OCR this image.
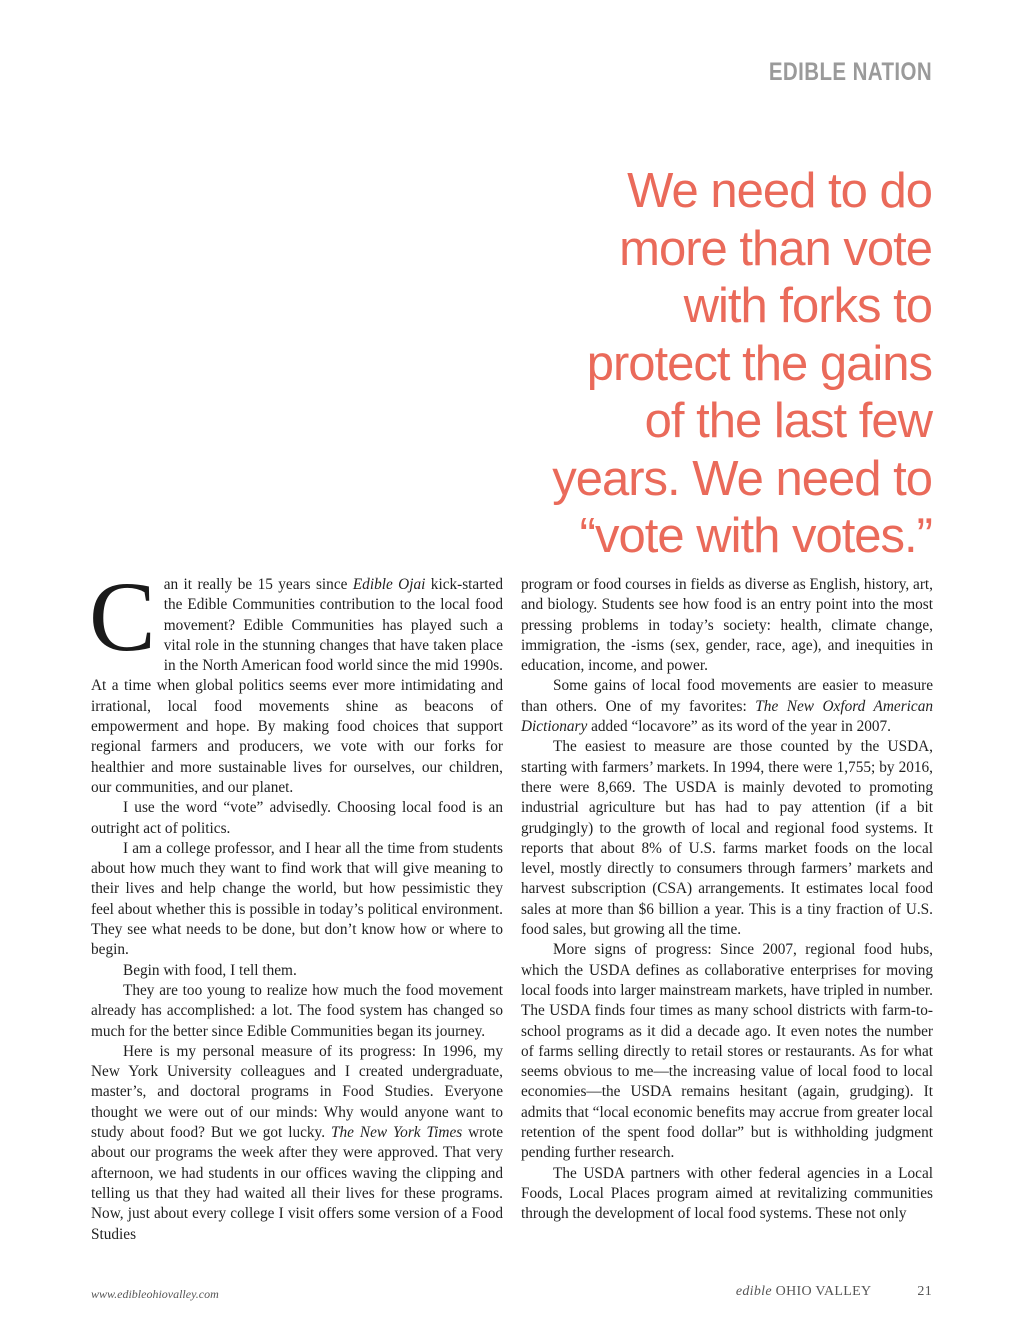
EDIBLE NATION
We need to do
more than vote
with forks to
protect the gains
of the last few
years. We need to
“vote with votes.”

Can it really be 15 years since Edible Ojai kick-started the Edible Communities contribution to the local food movement? Edible Communities has played such a vital role in the stunning changes that have taken place in the North American food world since the mid 1990s. At a time when global politics seems ever more intimidating and irrational, local food movements shine as beacons of empowerment and hope. By making food choices that support regional farmers and producers, we vote with our forks for healthier and more sustainable lives for ourselves, our children, our communities, and our planet.

I use the word “vote” advisedly. Choosing local food is an outright act of politics.

I am a college professor, and I hear all the time from students about how much they want to find work that will give meaning to their lives and help change the world, but how pessimistic they feel about whether this is possible in today’s political environment. They see what needs to be done, but don’t know how or where to begin.

Begin with food, I tell them.

They are too young to realize how much the food movement already has accomplished: a lot. The food system has changed so much for the better since Edible Communities began its journey.

Here is my personal measure of its progress: In 1996, my New York University colleagues and I created undergraduate, master’s, and doctoral programs in Food Studies. Everyone thought we were out of our minds: Why would anyone want to study about food? But we got lucky. The New York Times wrote about our programs the week after they were approved. That very afternoon, we had students in our offices waving the clipping and telling us that they had waited all their lives for these programs. Now, just about every college I visit offers some version of a Food Studies

program or food courses in fields as diverse as English, history, art, and biology. Students see how food is an entry point into the most pressing problems in today’s society: health, climate change, immigration, the -isms (sex, gender, race, age), and inequities in education, income, and power.

Some gains of local food movements are easier to measure than others. One of my favorites: The New Oxford American Dictionary added “locavore” as its word of the year in 2007.

The easiest to measure are those counted by the USDA, starting with farmers’ markets. In 1994, there were 1,755; by 2016, there were 8,669. The USDA is mainly devoted to promoting industrial agriculture but has had to pay attention (if a bit grudgingly) to the growth of local and regional food systems. It reports that about 8% of U.S. farms market foods on the local level, mostly directly to consumers through farmers’ markets and harvest subscription (CSA) arrangements. It estimates local food sales at more than $6 billion a year. This is a tiny fraction of U.S. food sales, but growing all the time.

More signs of progress: Since 2007, regional food hubs, which the USDA defines as collaborative enterprises for moving local foods into larger mainstream markets, have tripled in number. The USDA finds four times as many school districts with farm-to-school programs as it did a decade ago. It even notes the number of farms selling directly to retail stores or restaurants. As for what seems obvious to me—the increasing value of local food to local economies—the USDA remains hesitant (again, grudging). It admits that “local economic benefits may accrue from greater local retention of the spent food dollar” but is withholding judgment pending further research.

The USDA partners with other federal agencies in a Local Foods, Local Places program aimed at revitalizing communities through the development of local food systems. These not only

www.edibleohiovalley.com	edible OHIO VALLEY	21
